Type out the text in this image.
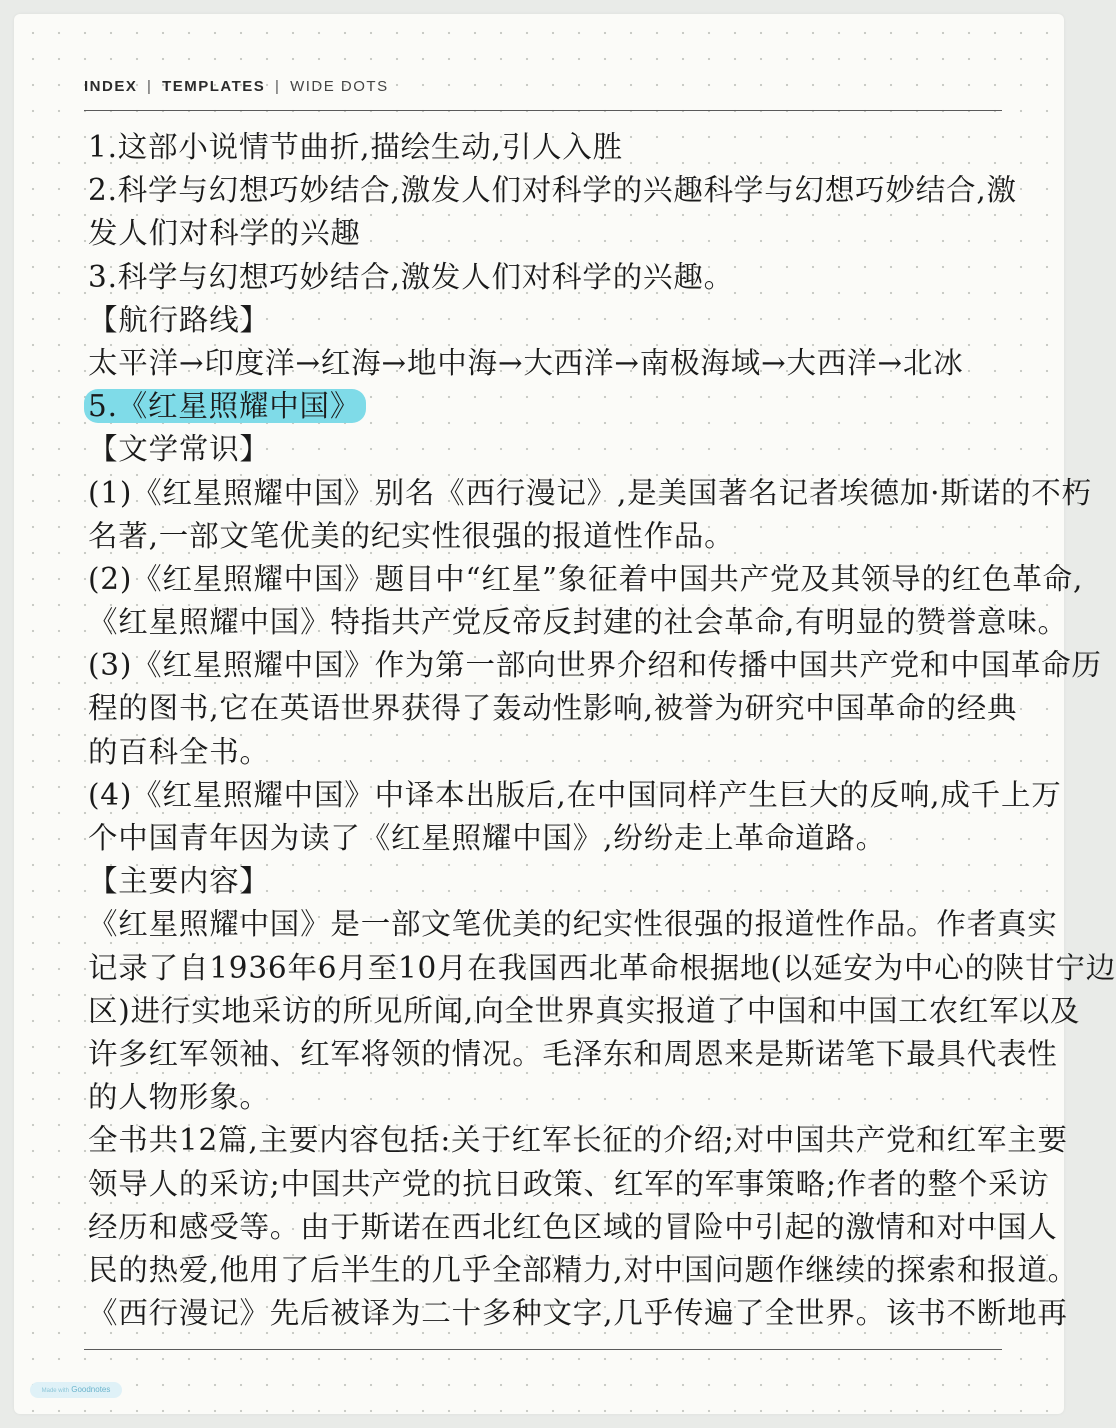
INDEX | TEMPLATES | WIDE DOTS
1.这部小说情节曲折,描绘生动,引人入胜
2.科学与幻想巧妙结合,激发人们对科学的兴趣科学与幻想巧妙结合,激
发人们对科学的兴趣
3.科学与幻想巧妙结合,激发人们对科学的兴趣。
【航行路线】
太平洋→印度洋→红海→地中海→大西洋→南极海域→大西洋→北冰
5.《红星照耀中国》
【文学常识】
(1)《红星照耀中国》别名《西行漫记》,是美国著名记者埃德加·斯诺的不朽
名著,一部文笔优美的纪实性很强的报道性作品。
(2)《红星照耀中国》题目中“红星”象征着中国共产党及其领导的红色革命,
《红星照耀中国》特指共产党反帝反封建的社会革命,有明显的赞誉意味。
(3)《红星照耀中国》作为第一部向世界介绍和传播中国共产党和中国革命历
程的图书,它在英语世界获得了轰动性影响,被誉为研究中国革命的经典
的百科全书。
(4)《红星照耀中国》中译本出版后,在中国同样产生巨大的反响,成千上万
个中国青年因为读了《红星照耀中国》,纷纷走上革命道路。
【主要内容】
《红星照耀中国》是一部文笔优美的纪实性很强的报道性作品。作者真实
记录了自1936年6月至10月在我国西北革命根据地(以延安为中心的陕甘宁边
区)进行实地采访的所见所闻,向全世界真实报道了中国和中国工农红军以及
许多红军领袖、红军将领的情况。毛泽东和周恩来是斯诺笔下最具代表性
的人物形象。
全书共12篇,主要内容包括:关于红军长征的介绍;对中国共产党和红军主要
领导人的采访;中国共产党的抗日政策、红军的军事策略;作者的整个采访
经历和感受等。由于斯诺在西北红色区域的冒险中引起的激情和对中国人
民的热爱,他用了后半生的几乎全部精力,对中国问题作继续的探索和报道。
《西行漫记》先后被译为二十多种文字,几乎传遍了全世界。该书不断地再
Made with Goodnotes
